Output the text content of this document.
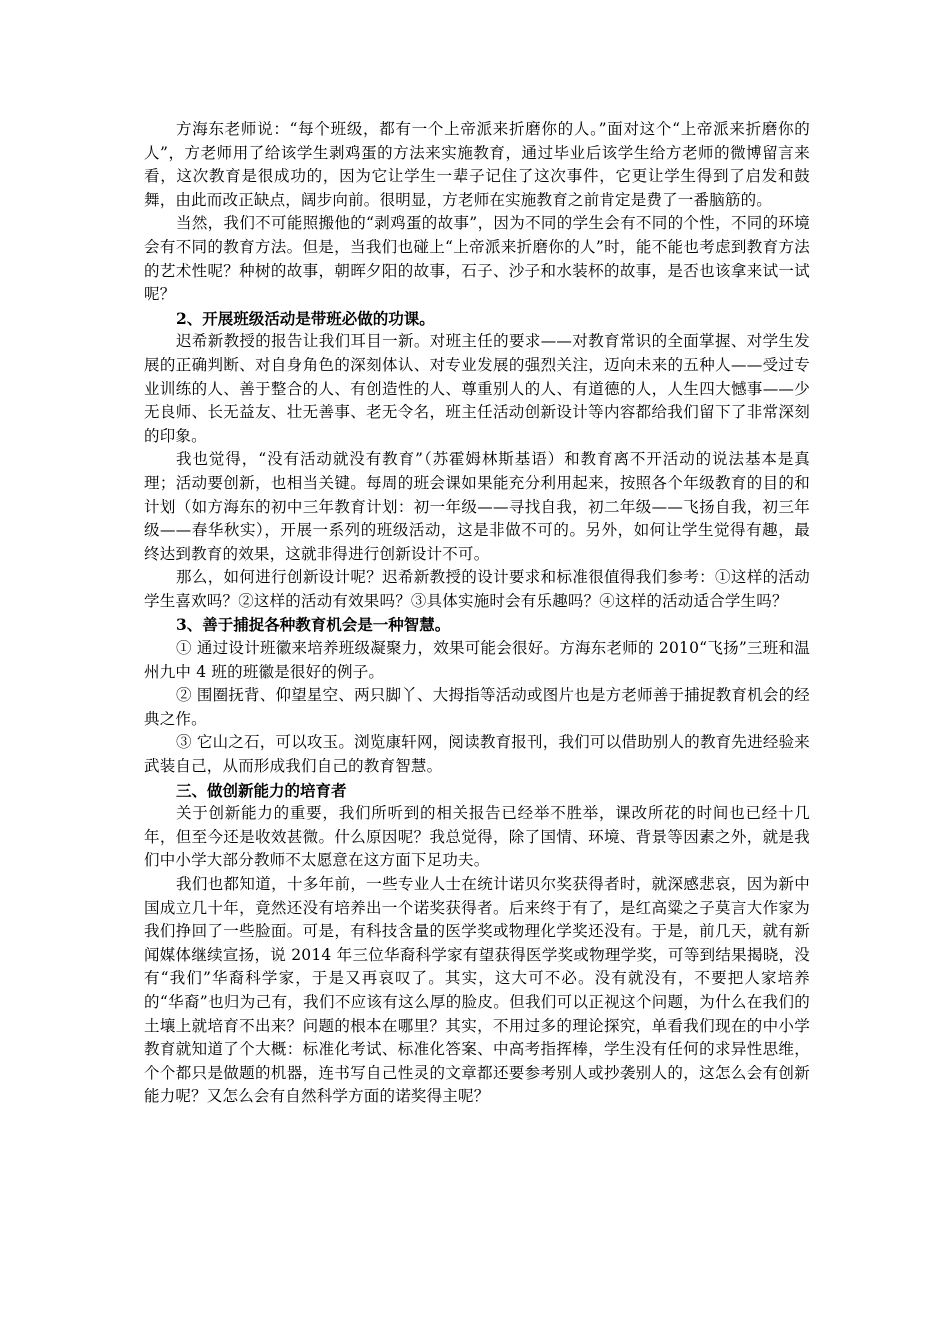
方海东老师说：“每个班级，都有一个上帝派来折磨你的人。”面对这个“上帝派来折磨你的人”，方老师用了给该学生剥鸡蛋的方法来实施教育，通过毕业后该学生给方老师的微博留言来看，这次教育是很成功的，因为它让学生一辈子记住了这次事件，它更让学生得到了启发和鼓舞，由此而改正缺点，阔步向前。很明显，方老师在实施教育之前肯定是费了一番脑筋的。

当然，我们不可能照搬他的“剥鸡蛋的故事”，因为不同的学生会有不同的个性，不同的环境会有不同的教育方法。但是，当我们也碰上“上帝派来折磨你的人”时，能不能也考虑到教育方法的艺术性呢？种树的故事，朝晖夕阳的故事，石子、沙子和水装杯的故事，是否也该拿来试一试呢？

2、开展班级活动是带班必做的功课。

迟希新教授的报告让我们耳目一新。对班主任的要求——对教育常识的全面掌握、对学生发展的正确判断、对自身角色的深刻体认、对专业发展的强烈关注，迈向未来的五种人——受过专业训练的人、善于整合的人、有创造性的人、尊重别人的人、有道德的人，人生四大憾事——少无良师、长无益友、壮无善事、老无令名，班主任活动创新设计等内容都给我们留下了非常深刻的印象。

我也觉得，“没有活动就没有教育”（苏霍姆林斯基语）和教育离不开活动的说法基本是真理；活动要创新，也相当关键。每周的班会课如果能充分利用起来，按照各个年级教育的目的和计划（如方海东的初中三年教育计划：初一年级——寻找自我，初二年级——飞扬自我，初三年级——春华秋实），开展一系列的班级活动，这是非做不可的。另外，如何让学生觉得有趣，最终达到教育的效果，这就非得进行创新设计不可。

那么，如何进行创新设计呢？迟希新教授的设计要求和标准很值得我们参考：①这样的活动学生喜欢吗？②这样的活动有效果吗？③具体实施时会有乐趣吗？④这样的活动适合学生吗？

3、善于捕捉各种教育机会是一种智慧。

① 通过设计班徽来培养班级凝聚力，效果可能会很好。方海东老师的 2010“飞扬”三班和温州九中 4 班的班徽是很好的例子。

② 围圈抚背、仰望星空、两只脚丫、大拇指等活动或图片也是方老师善于捕捉教育机会的经典之作。

③ 它山之石，可以攻玉。浏览康轩网，阅读教育报刊，我们可以借助别人的教育先进经验来武装自己，从而形成我们自己的教育智慧。

三、做创新能力的培育者

关于创新能力的重要，我们所听到的相关报告已经举不胜举，课改所花的时间也已经十几年，但至今还是收效甚微。什么原因呢？我总觉得，除了国情、环境、背景等因素之外，就是我们中小学大部分教师不太愿意在这方面下足功夫。

我们也都知道，十多年前，一些专业人士在统计诺贝尔奖获得者时，就深感悲哀，因为新中国成立几十年，竟然还没有培养出一个诺奖获得者。后来终于有了，是红高粱之子莫言大作家为我们挣回了一些脸面。可是，有科技含量的医学奖或物理化学奖还没有。于是，前几天，就有新闻媒体继续宣扬，说 2014 年三位华裔科学家有望获得医学奖或物理学奖，可等到结果揭晓，没有“我们”华裔科学家，于是又再哀叹了。其实，这大可不必。没有就没有，不要把人家培养的“华裔”也归为己有，我们不应该有这么厚的脸皮。但我们可以正视这个问题，为什么在我们的土壤上就培育不出来？问题的根本在哪里？其实，不用过多的理论探究，单看我们现在的中小学教育就知道了个大概：标准化考试、标准化答案、中高考指挥棒，学生没有任何的求异性思维，个个都只是做题的机器，连书写自己性灵的文章都还要参考别人或抄袭别人的，这怎么会有创新能力呢？又怎么会有自然科学方面的诺奖得主呢？
